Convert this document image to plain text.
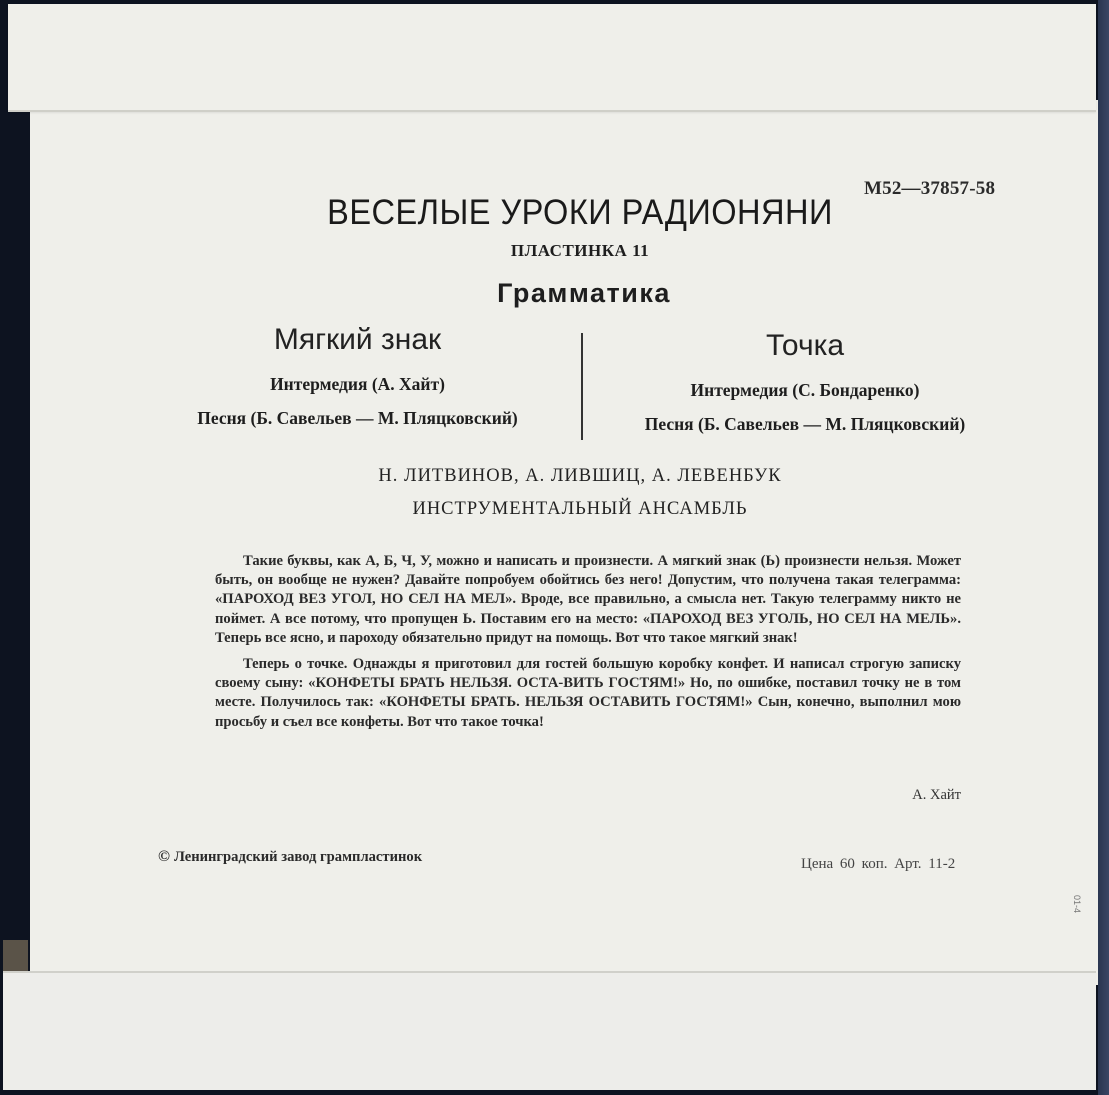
М52—37857-58
ВЕСЕЛЫЕ УРОКИ РАДИОНЯНИ
ПЛАСТИНКА 11
Грамматика
Мягкий знак
Интермедия (А. Хайт)
Песня (Б. Савельев — М. Пляцковский)
Точка
Интермедия (С. Бондаренко)
Песня (Б. Савельев — М. Пляцковский)
Н. ЛИТВИНОВ, А. ЛИВШИЦ, А. ЛЕВЕНБУК
ИНСТРУМЕНТАЛЬНЫЙ АНСАМБЛЬ

Такие буквы, как А, Б, Ч, У, можно и написать и произнести. А мягкий знак (Ь) произнести нельзя. Может быть, он вообще не нужен? Давайте попробуем обойтись без него! Допустим, что получена такая телеграмма: «ПАРОХОД ВЕЗ УГОЛ, НО СЕЛ НА МЕЛ». Вроде, все правильно, а смысла нет. Такую телеграмму никто не поймет. А все потому, что пропущен Ь. Поставим его на место: «ПАРОХОД ВЕЗ УГОЛЬ, НО СЕЛ НА МЕЛЬ». Теперь все ясно, и пароходу обязательно придут на помощь. Вот что такое мягкий знак!

Теперь о точке. Однажды я приготовил для гостей большую коробку конфет. И написал строгую записку своему сыну: «КОНФЕТЫ БРАТЬ НЕЛЬЗЯ. ОСТА-ВИТЬ ГОСТЯМ!» Но, по ошибке, поставил точку не в том месте. Получилось так: «КОНФЕТЫ БРАТЬ. НЕЛЬЗЯ ОСТАВИТЬ ГОСТЯМ!» Сын, конечно, выполнил мою просьбу и съел все конфеты. Вот что такое точка!

А. Хайт
© Ленинградский завод грампластинок	Цена 60 коп. Арт. 11-2
01-4
